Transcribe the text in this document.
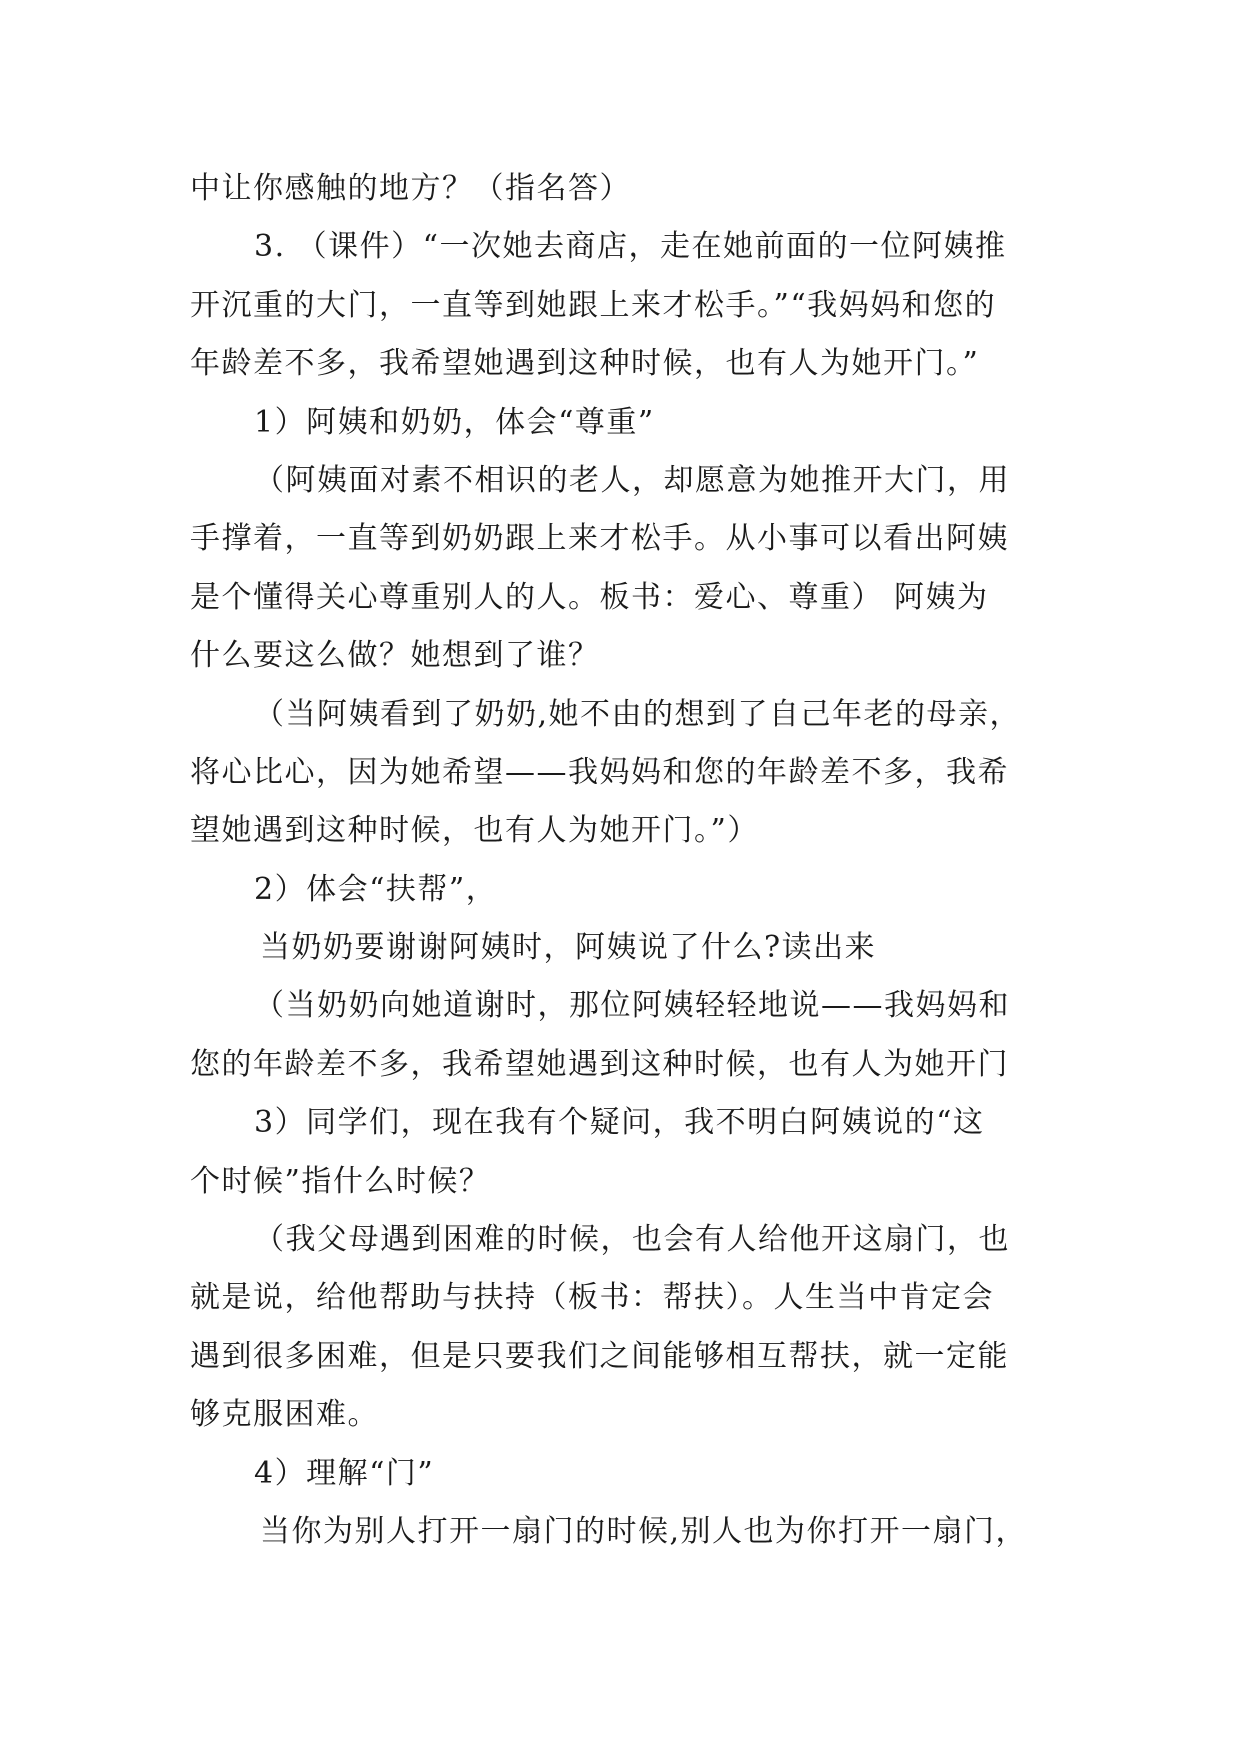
中让你感触的地方？（指名答）
3. （课件）“一次她去商店，走在她前面的一位阿姨推
开沉重的大门，一直等到她跟上来才松手。”“我妈妈和您的
年龄差不多，我希望她遇到这种时候，也有人为她开门。”
1）阿姨和奶奶，体会“尊重”
（阿姨面对素不相识的老人，却愿意为她推开大门，用
手撑着，一直等到奶奶跟上来才松手。从小事可以看出阿姨
是个懂得关心尊重别人的人。板书：爱心、尊重） 阿姨为
什么要这么做？她想到了谁？
（当阿姨看到了奶奶,她不由的想到了自己年老的母亲，
将心比心，因为她希望——我妈妈和您的年龄差不多，我希
望她遇到这种时候，也有人为她开门。”）
2）体会“扶帮”，
当奶奶要谢谢阿姨时，阿姨说了什么?读出来
（当奶奶向她道谢时，那位阿姨轻轻地说——我妈妈和
您的年龄差不多，我希望她遇到这种时候，也有人为她开门
3）同学们，现在我有个疑问，我不明白阿姨说的“这
个时候”指什么时候？
（我父母遇到困难的时候，也会有人给他开这扇门，也
就是说，给他帮助与扶持（板书：帮扶）。人生当中肯定会
遇到很多困难，但是只要我们之间能够相互帮扶，就一定能
够克服困难。
4）理解“门”
当你为别人打开一扇门的时候,别人也为你打开一扇门，
